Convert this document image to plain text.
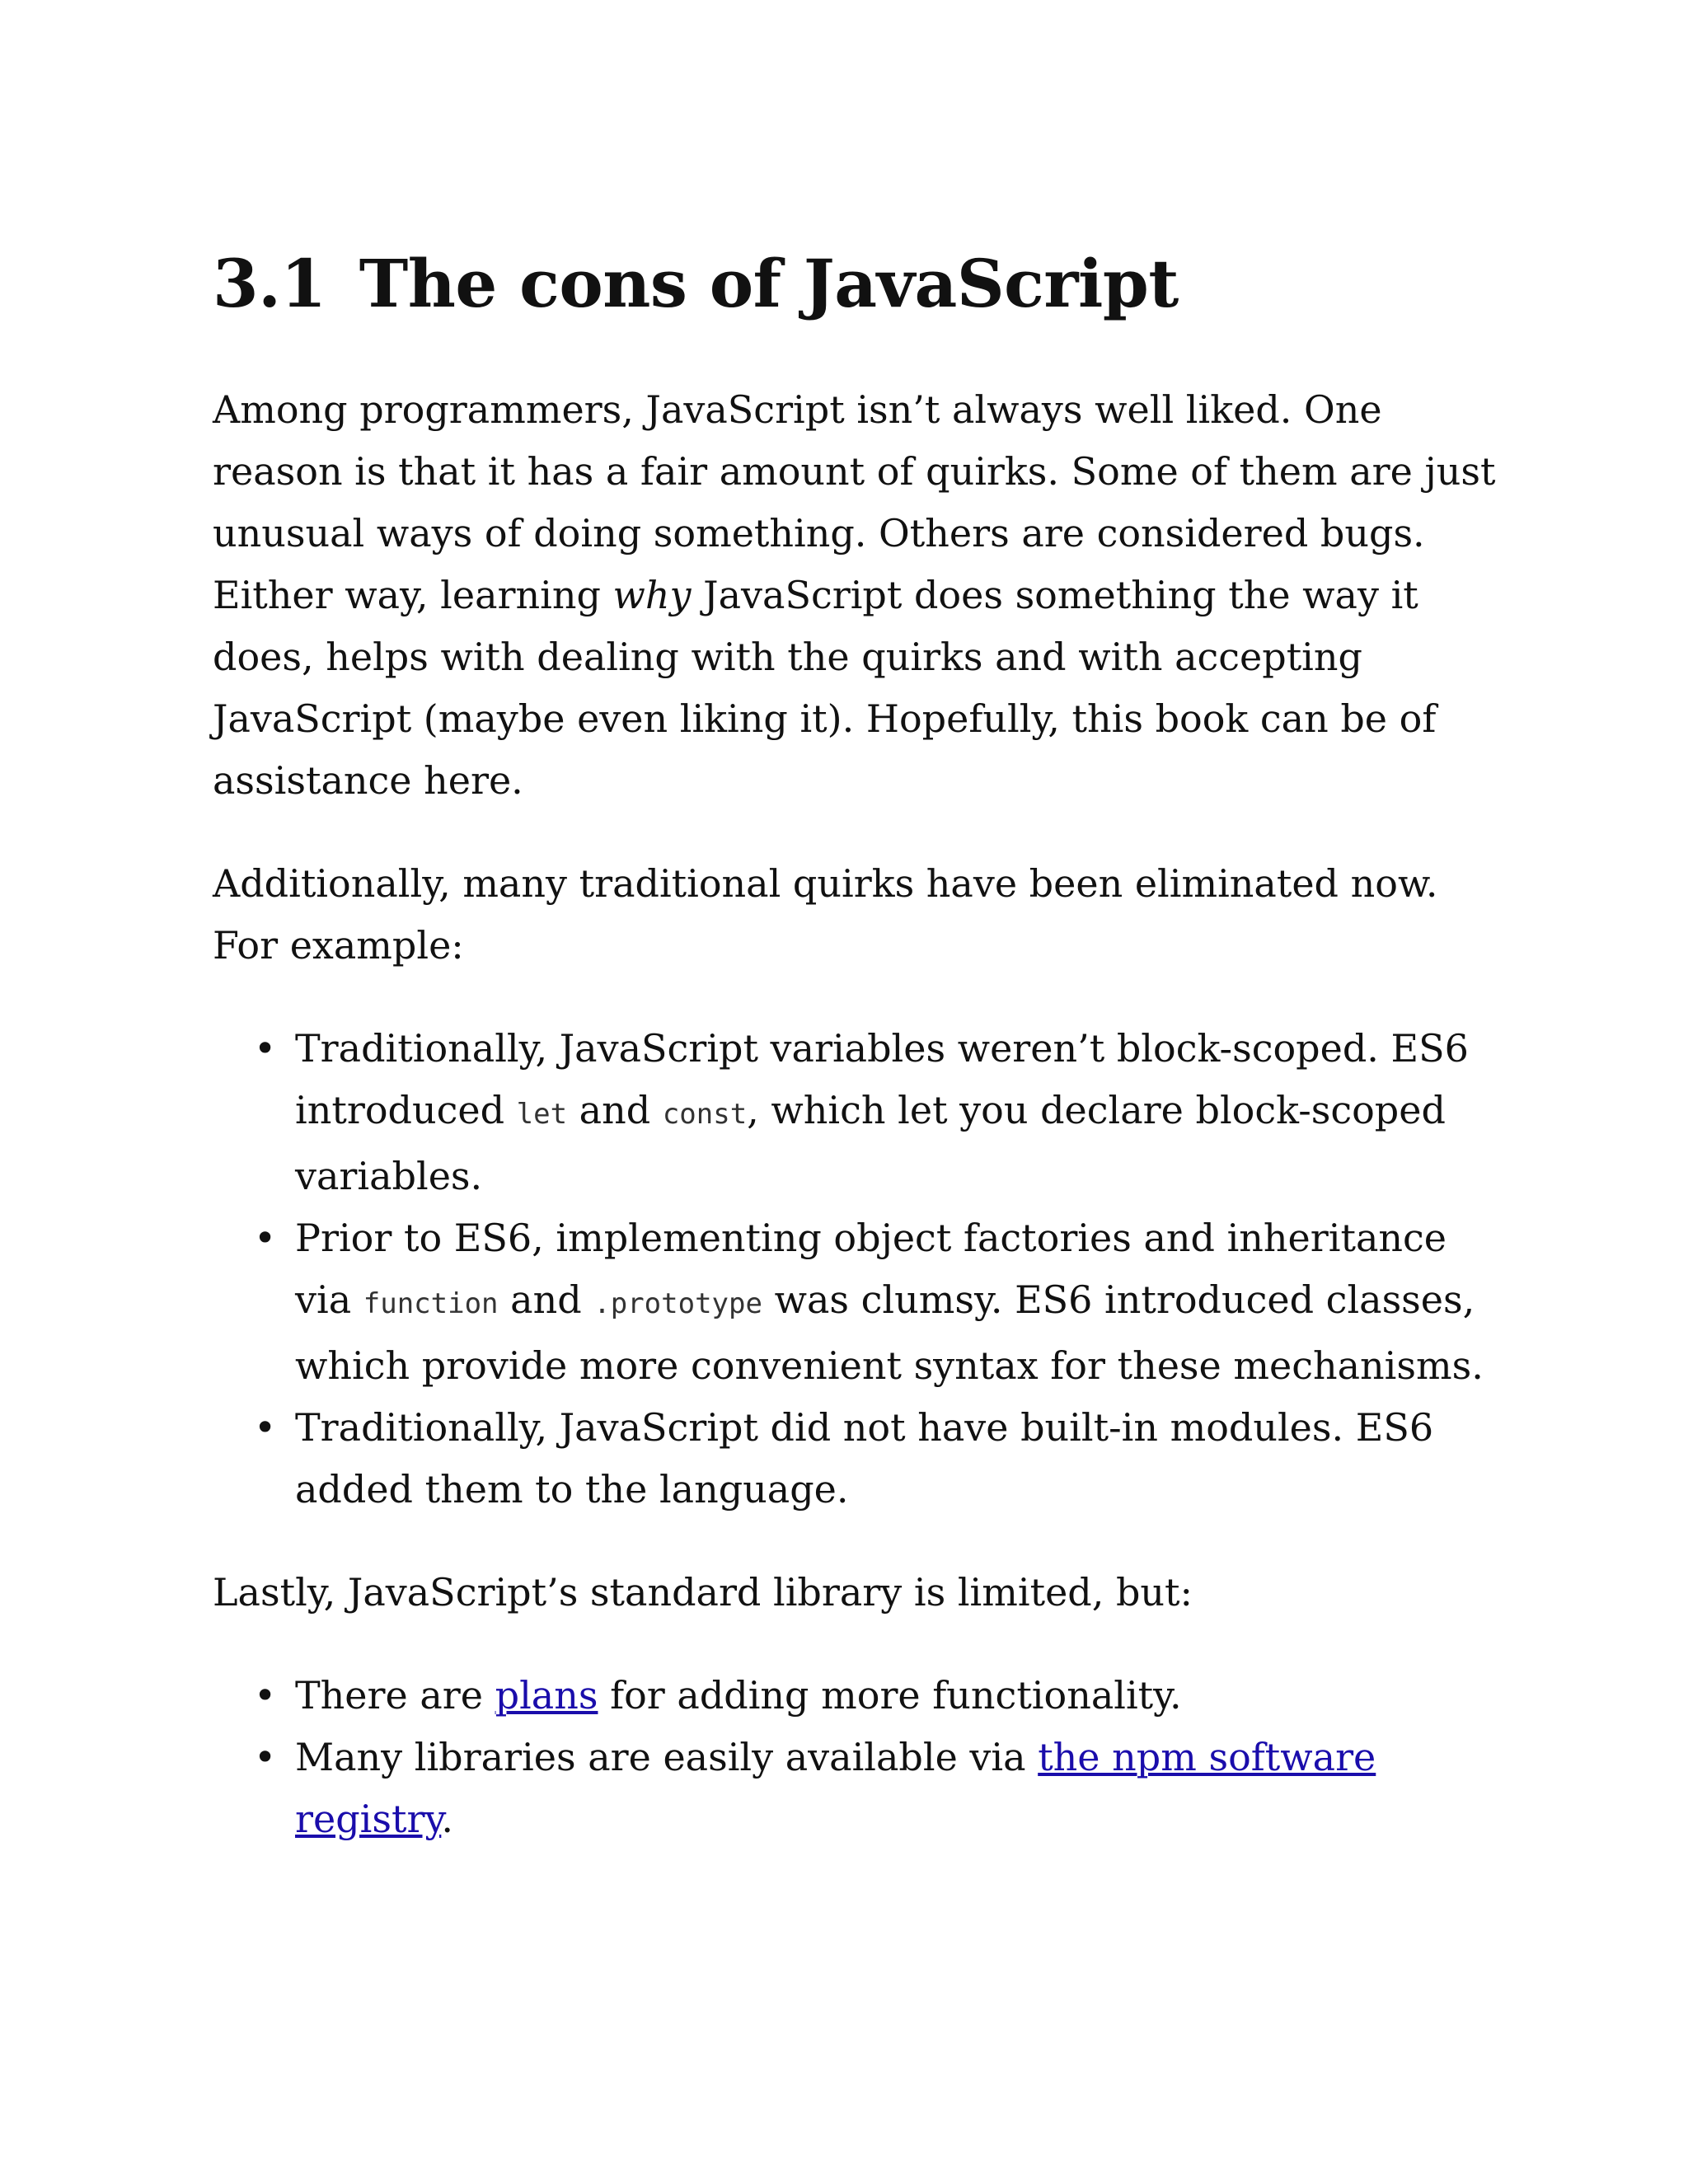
3.1 The cons of JavaScript

Among programmers, JavaScript isn’t always well liked. One reason is that it has a fair amount of quirks. Some of them are just unusual ways of doing something. Others are considered bugs. Either way, learning why JavaScript does something the way it does, helps with dealing with the quirks and with accepting JavaScript (maybe even liking it). Hopefully, this book can be of assistance here.

Additionally, many traditional quirks have been eliminated now. For example:

• Traditionally, JavaScript variables weren’t block-scoped. ES6 introduced let and const, which let you declare block-scoped variables.
• Prior to ES6, implementing object factories and inheritance via function and .prototype was clumsy. ES6 introduced classes, which provide more convenient syntax for these mechanisms.
• Traditionally, JavaScript did not have built-in modules. ES6 added them to the language.

Lastly, JavaScript’s standard library is limited, but:

• There are plans for adding more functionality.
• Many libraries are easily available via the npm software registry.
